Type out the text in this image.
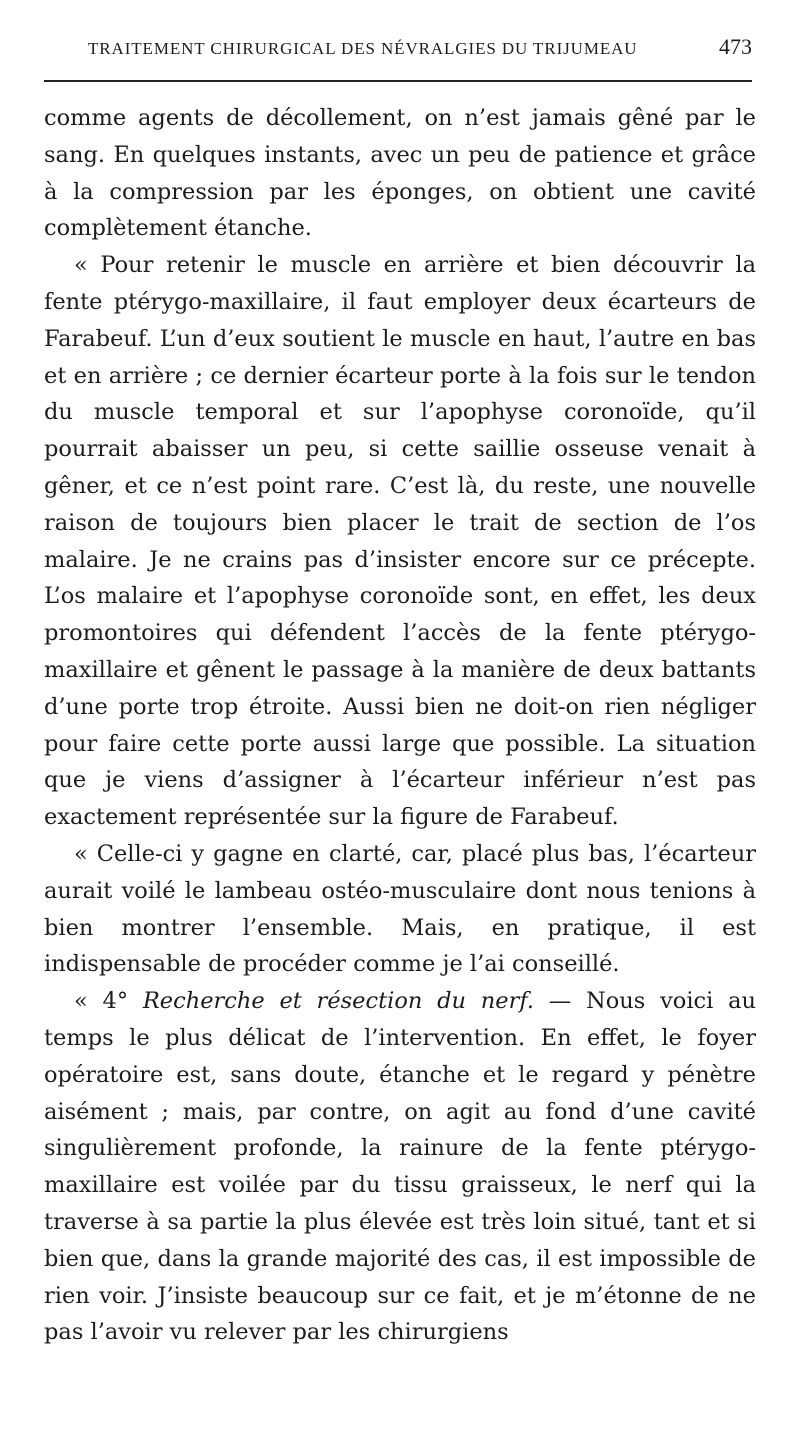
TRAITEMENT CHIRURGICAL DES NÉVRALGIES DU TRIJUMEAU	473

comme agents de décollement, on n’est jamais gêné par le sang. En quelques instants, avec un peu de patience et grâce à la compression par les éponges, on obtient une cavité complètement étanche.

« Pour retenir le muscle en arrière et bien découvrir la fente ptérygo-maxillaire, il faut employer deux écarteurs de Farabeuf. L’un d’eux soutient le muscle en haut, l’autre en bas et en arrière ; ce dernier écarteur porte à la fois sur le tendon du muscle temporal et sur l’apophyse coronoïde, qu’il pourrait abaisser un peu, si cette saillie osseuse venait à gêner, et ce n’est point rare. C’est là, du reste, une nouvelle raison de toujours bien placer le trait de section de l’os malaire. Je ne crains pas d’insister encore sur ce précepte. L’os malaire et l’apophyse coronoïde sont, en effet, les deux promontoires qui défendent l’accès de la fente ptérygo-maxillaire et gênent le passage à la manière de deux battants d’une porte trop étroite. Aussi bien ne doit-on rien négliger pour faire cette porte aussi large que possible. La situation que je viens d’assigner à l’écarteur inférieur n’est pas exactement représentée sur la figure de Farabeuf.

« Celle-ci y gagne en clarté, car, placé plus bas, l’écarteur aurait voilé le lambeau ostéo-musculaire dont nous tenions à bien montrer l’ensemble. Mais, en pratique, il est indispensable de procéder comme je l’ai conseillé.

« 4° Recherche et résection du nerf. — Nous voici au temps le plus délicat de l’intervention. En effet, le foyer opératoire est, sans doute, étanche et le regard y pénètre aisément ; mais, par contre, on agit au fond d’une cavité singulièrement profonde, la rainure de la fente ptérygo-maxillaire est voilée par du tissu graisseux, le nerf qui la traverse à sa partie la plus élevée est très loin situé, tant et si bien que, dans la grande majorité des cas, il est impossible de rien voir. J’insiste beaucoup sur ce fait, et je m’étonne de ne pas l’avoir vu relever par les chirurgiens
